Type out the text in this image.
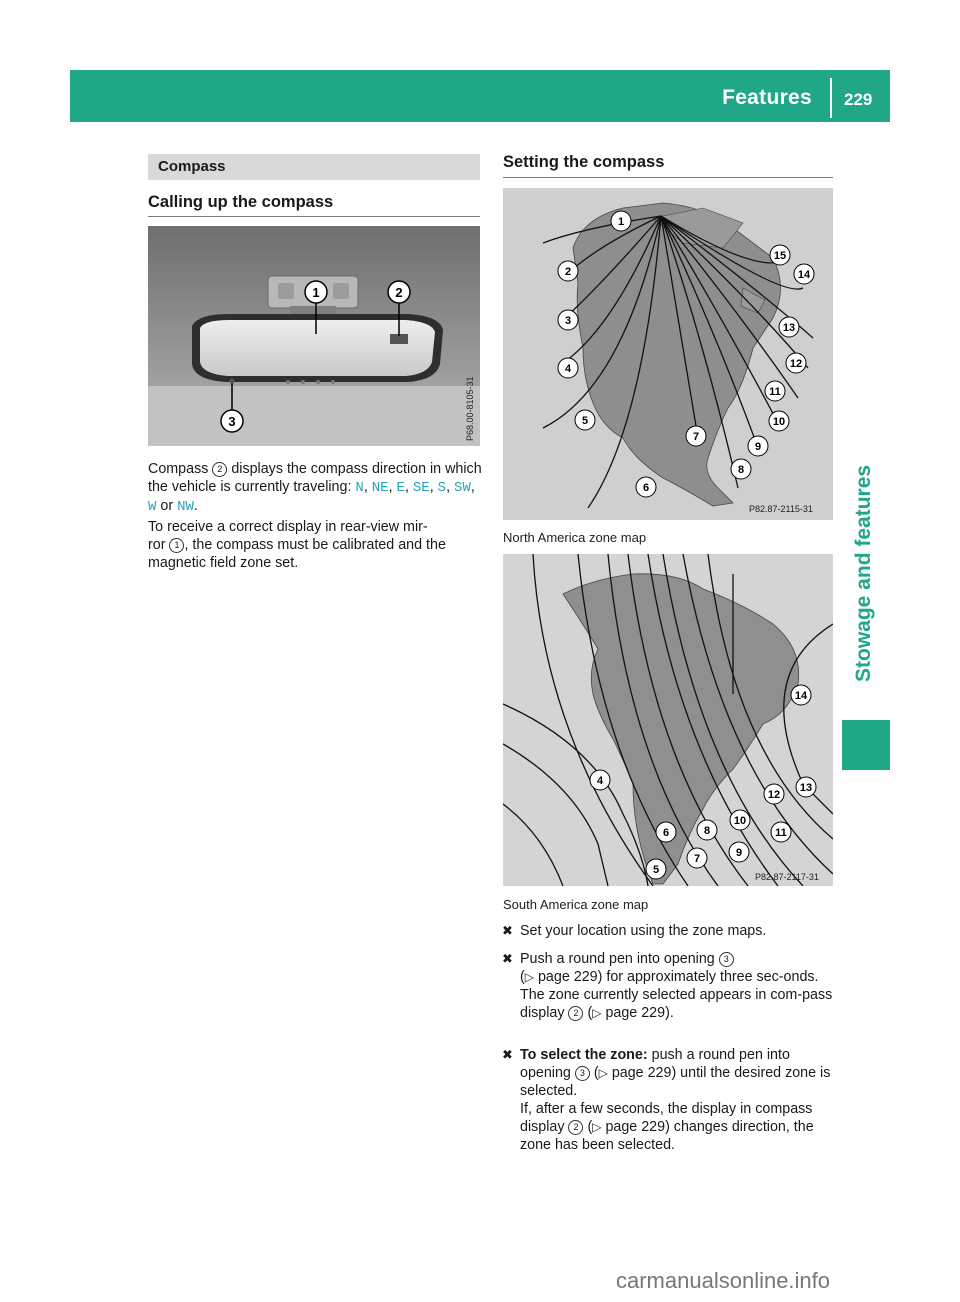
Features 229
Stowage and features
Compass
Calling up the compass
1	2
3	P68.00-8105-31
Compass 2 displays the compass direction in which the vehicle is currently traveling: N, NE, E, SE, S, SW, W or NW.
To receive a correct display in rear-view mir-
ror 1 , the compass must be calibrated and the magnetic field zone set.
Setting the compass
1
2
3
4
5
6
7
8
9
10
11
12
13
14
15
P82.87-2115-31
North America zone map
4
5
6
7
8
9
10
11
12
13
14
P82.87-2117-31
South America zone map
✖ Set your location using the zone maps.
✖ Push a round pen into opening 3
(▷ page 229) for approximately three sec-onds.
The zone currently selected appears in com-pass display 2 (▷ page 229).
✖ To select the zone: push a round pen into opening 3 (▷ page 229) until the desired zone is selected.
If, after a few seconds, the display in compass display 2 (▷ page 229) changes direction, the zone has been selected.
carmanualsonline.info
